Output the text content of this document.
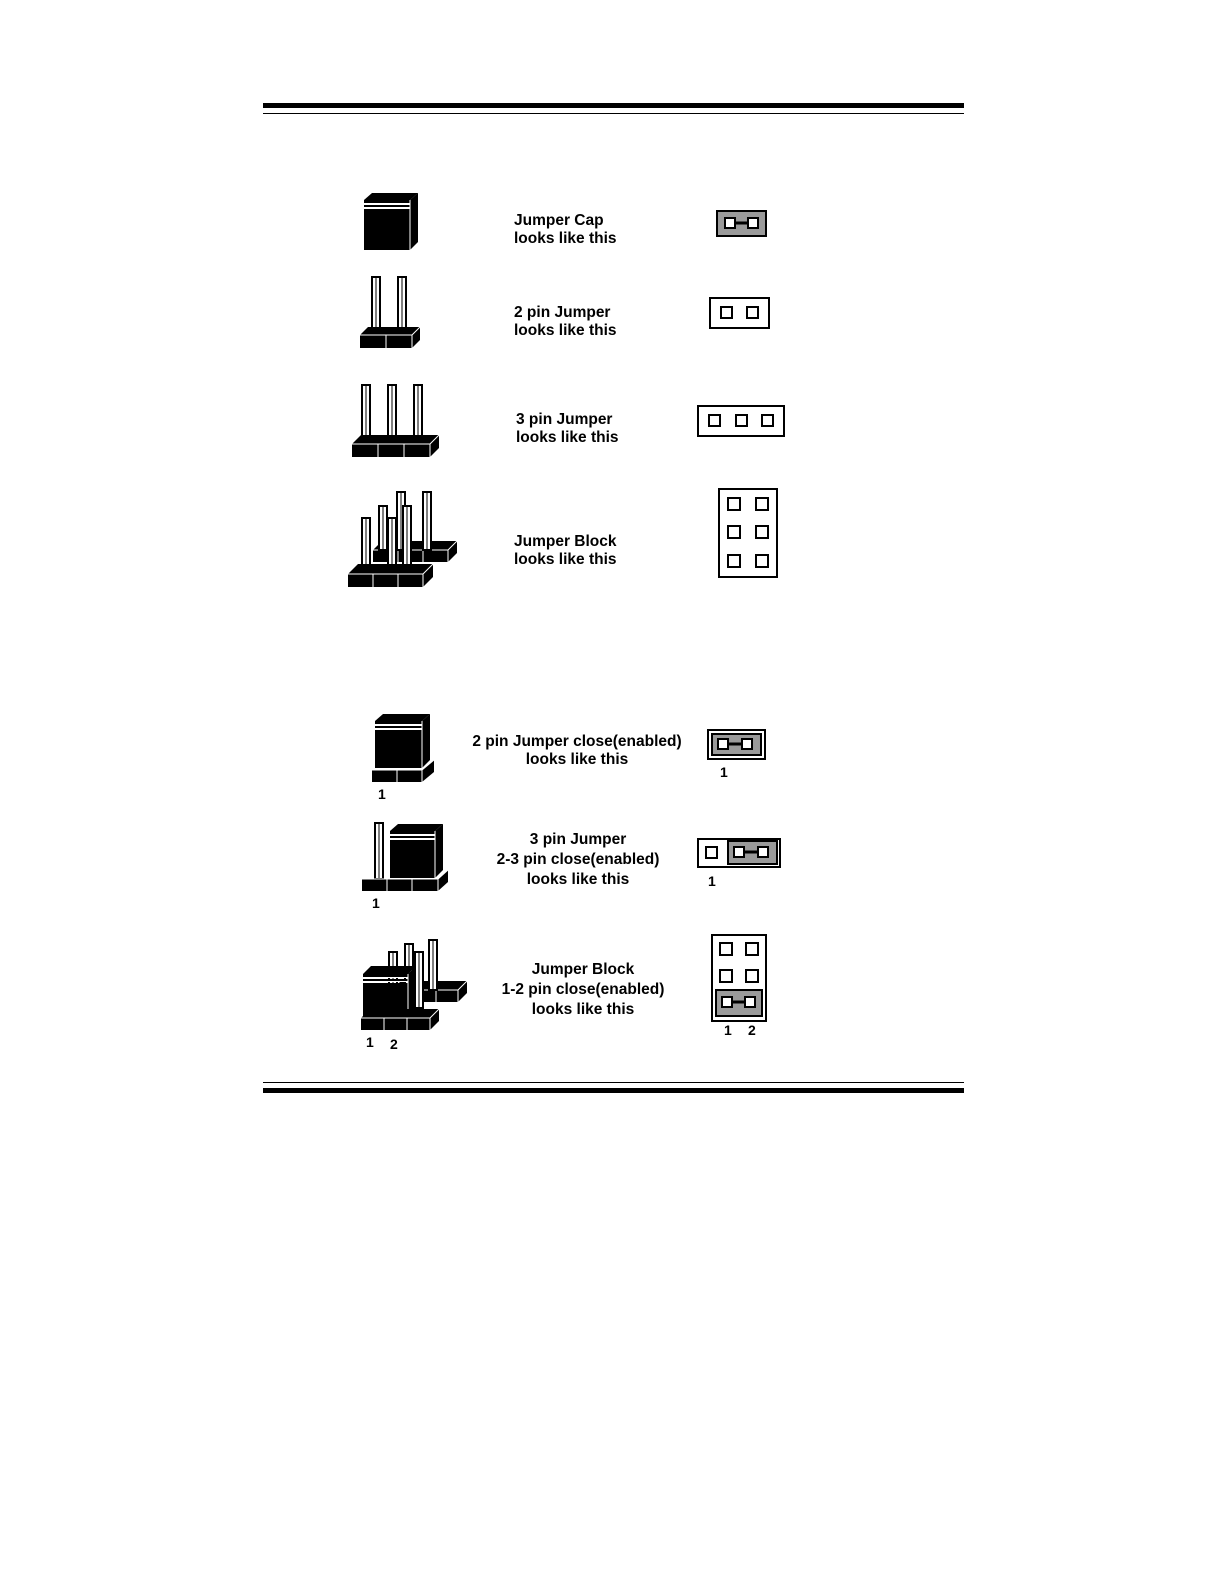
Jumper Cap
looks like this
2 pin Jumper
looks like this
3 pin Jumper
looks like this
Jumper Block
looks like this
1
2 pin Jumper close(enabled)
looks like this
1
1
3 pin Jumper
2-3 pin close(enabled)
looks like this	1
1 2
Jumper Block
1-2 pin close(enabled)
looks like this
1 2
